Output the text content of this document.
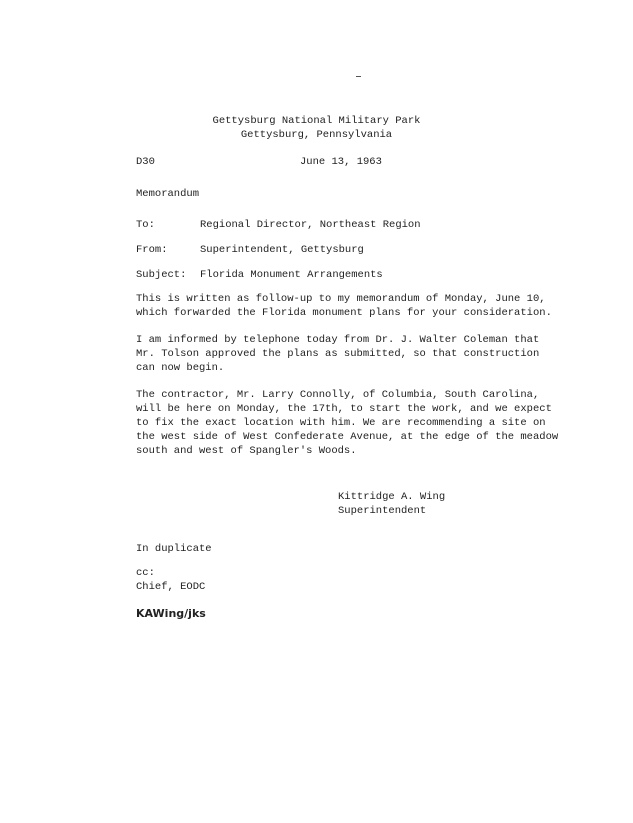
Gettysburg National Military Park
Gettysburg, Pennsylvania
D30	June 13, 1963
Memorandum
To:	Regional Director, Northeast Region
From:	Superintendent, Gettysburg
Subject: Florida Monument Arrangements
This is written as follow-up to my memorandum of Monday, June 10,
which forwarded the Florida monument plans for your consideration.
I am informed by telephone today from Dr. J. Walter Coleman that
Mr. Tolson approved the plans as submitted, so that construction
can now begin.
The contractor, Mr. Larry Connolly, of Columbia, South Carolina,
will be here on Monday, the 17th, to start the work, and we expect
to fix the exact location with him. We are recommending a site on
the west side of West Confederate Avenue, at the edge of the meadow
south and west of Spangler's Woods.
Kittridge A. Wing
Superintendent
In duplicate
cc:
Chief, EODC
KAWing/jks
